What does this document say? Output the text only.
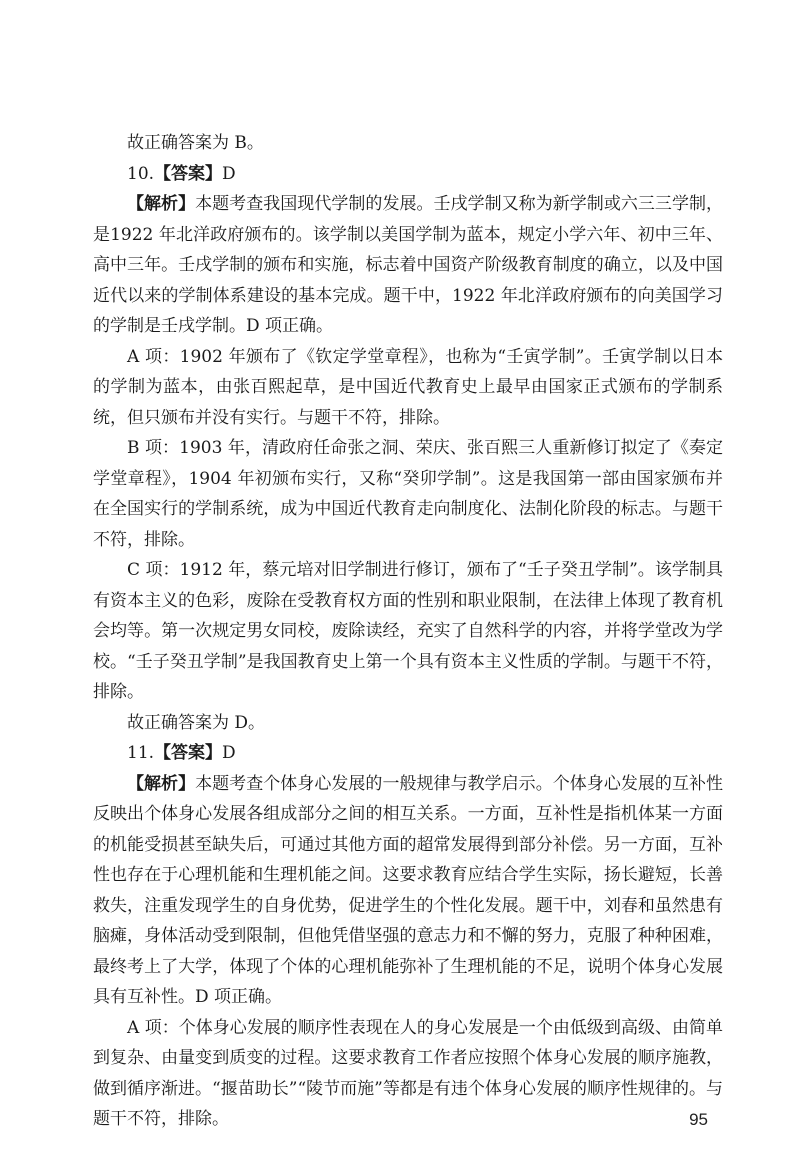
故正确答案为 B。

10.【答案】D

【解析】本题考查我国现代学制的发展。壬戌学制又称为新学制或六三三学制，是1922 年北洋政府颁布的。该学制以美国学制为蓝本，规定小学六年、初中三年、高中三年。壬戌学制的颁布和实施，标志着中国资产阶级教育制度的确立，以及中国近代以来的学制体系建设的基本完成。题干中，1922 年北洋政府颁布的向美国学习的学制是壬戌学制。D 项正确。

A 项：1902 年颁布了《钦定学堂章程》，也称为“壬寅学制”。壬寅学制以日本的学制为蓝本，由张百熙起草，是中国近代教育史上最早由国家正式颁布的学制系统，但只颁布并没有实行。与题干不符，排除。

B 项：1903 年，清政府任命张之洞、荣庆、张百熙三人重新修订拟定了《奏定学堂章程》，1904 年初颁布实行，又称“癸卯学制”。这是我国第一部由国家颁布并在全国实行的学制系统，成为中国近代教育走向制度化、法制化阶段的标志。与题干不符，排除。

C 项：1912 年，蔡元培对旧学制进行修订，颁布了“壬子癸丑学制”。该学制具有资本主义的色彩，废除在受教育权方面的性别和职业限制，在法律上体现了教育机会均等。第一次规定男女同校，废除读经，充实了自然科学的内容，并将学堂改为学校。“壬子癸丑学制”是我国教育史上第一个具有资本主义性质的学制。与题干不符，排除。

故正确答案为 D。

11.【答案】D

【解析】本题考查个体身心发展的一般规律与教学启示。个体身心发展的互补性反映出个体身心发展各组成部分之间的相互关系。一方面，互补性是指机体某一方面的机能受损甚至缺失后，可通过其他方面的超常发展得到部分补偿。另一方面，互补性也存在于心理机能和生理机能之间。这要求教育应结合学生实际，扬长避短，长善救失，注重发现学生的自身优势，促进学生的个性化发展。题干中，刘春和虽然患有脑瘫，身体活动受到限制，但他凭借坚强的意志力和不懈的努力，克服了种种困难，最终考上了大学，体现了个体的心理机能弥补了生理机能的不足，说明个体身心发展具有互补性。D 项正确。

A 项：个体身心发展的顺序性表现在人的身心发展是一个由低级到高级、由简单到复杂、由量变到质变的过程。这要求教育工作者应按照个体身心发展的顺序施教，做到循序渐进。“揠苗助长”“陵节而施”等都是有违个体身心发展的顺序性规律的。与题干不符，排除。	95
